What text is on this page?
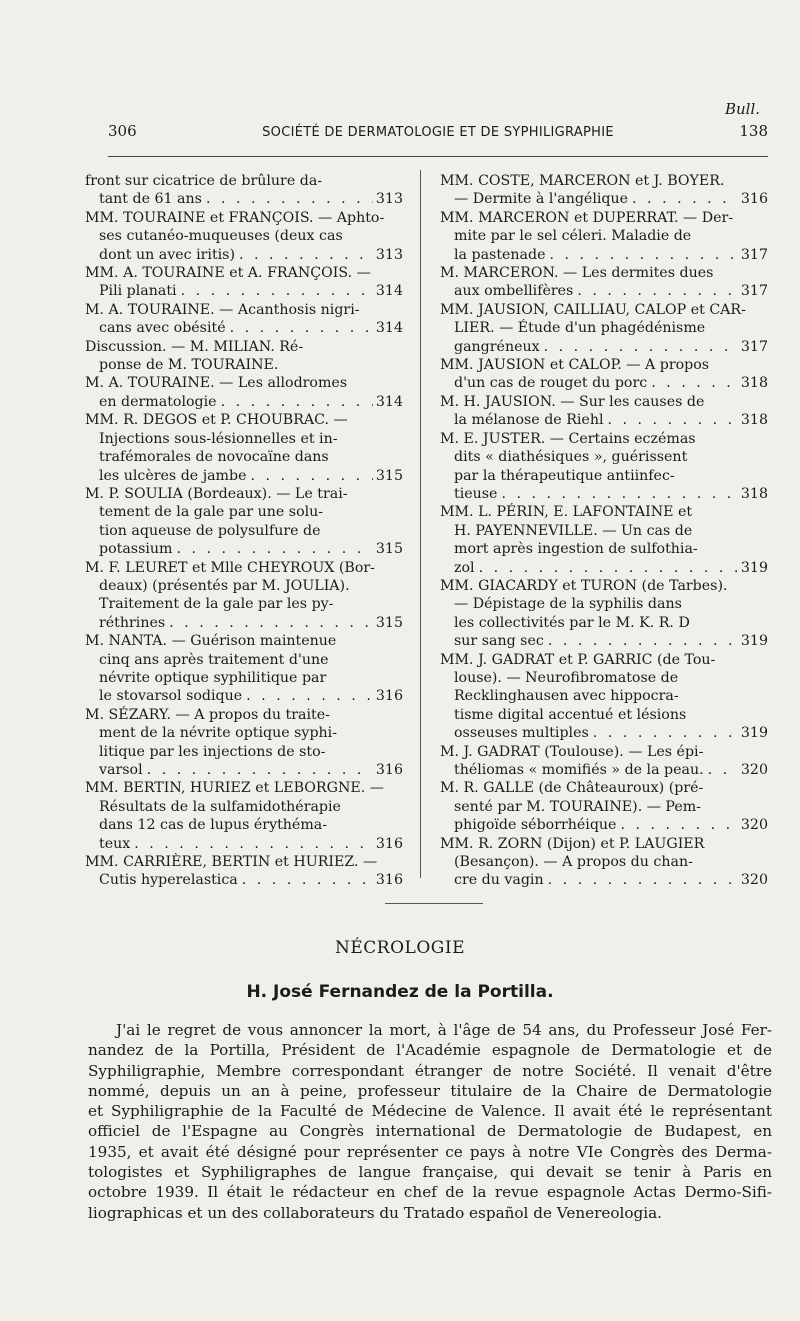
Bull.
306	SOCIÉTÉ DE DERMATOLOGIE ET DE SYPHILIGRAPHIE	138
front sur cicatrice de brûlure da-
tant de 61 ans . . .	313
MM. TOURAINE et FRANÇOIS. — Aphto-
ses cutanéo-muqueuses (deux cas
dont un avec iritis) . . .	313
MM. A. TOURAINE et A. FRANÇOIS. —
Pili planati . . .	314
M. A. TOURAINE. — Acanthosis nigri-
cans avec obésité . . .	314
Discussion. — M. MILIAN. Ré-
ponse de M. TOURAINE.
M. A. TOURAINE. — Les allodromes
en dermatologie . . .	314
MM. R. DEGOS et P. CHOUBRAC. —
Injections sous-lésionnelles et in-
trafémorales de novocaïne dans
les ulcères de jambe . . .	315
M. P. SOULIA (Bordeaux). — Le trai-
tement de la gale par une solu-
tion aqueuse de polysulfure de
potassium . . .	315
M. F. LEURET et Mlle CHEYROUX (Bor-
deaux) (présentés par M. JOULIA).
Traitement de la gale par les py-
réthrines . . .	315
M. NANTA. — Guérison maintenue
cinq ans après traitement d'une
névrite optique syphilitique par
le stovarsol sodique . . .	316
M. SÉZARY. — A propos du traite-
ment de la névrite optique syphi-
litique par les injections de sto-
varsol . . .	316
MM. BERTIN, HURIEZ et LEBORGNE. —
Résultats de la sulfamidothérapie
dans 12 cas de lupus érythéma-
teux . . .	316
MM. CARRIÈRE, BERTIN et HURIEZ. —
Cutis hyperelastica . . .	316
MM. COSTE, MARCERON et J. BOYER.
— Dermite à l'angélique . . .	316
MM. MARCERON et DUPERRAT. — Der-
mite par le sel céleri. Maladie de
la pastenade . . .	317
M. MARCERON. — Les dermites dues
aux ombellifères . . .	317
MM. JAUSION, CAILLIAU, CALOP et CAR-
LIER. — Étude d'un phagédénisme
gangréneux . . .	317
MM. JAUSION et CALOP. — A propos
d'un cas de rouget du porc . . .	318
M. H. JAUSION. — Sur les causes de
la mélanose de Riehl . . .	318
M. E. JUSTER. — Certains eczémas
dits « diathésiques », guérissent
par la thérapeutique antiinfec-
tieuse . . .	318
MM. L. PÉRIN, E. LAFONTAINE et
H. PAYENNEVILLE. — Un cas de
mort après ingestion de sulfothia-
zol . . .	319
MM. GIACARDY et TURON (de Tarbes).
— Dépistage de la syphilis dans
les collectivités par le M. K. R. D
sur sang sec . . .	319
MM. J. GADRAT et P. GARRIC (de Tou-
louse). — Neurofibromatose de
Recklinghausen avec hippocra-
tisme digital accentué et lésions
osseuses multiples . . .	319
M. J. GADRAT (Toulouse). — Les épi-
théliomas « momifiés » de la peau. . . .	320
M. R. GALLE (de Châteauroux) (pré-
senté par M. TOURAINE). — Pem-
phigoïde séborrhéique . . .	320
MM. R. ZORN (Dijon) et P. LAUGIER
(Besançon). — A propos du chan-
cre du vagin . . .	320
NÉCROLOGIE
H. José Fernandez de la Portilla.
J'ai le regret de vous annoncer la mort, à l'âge de 54 ans, du Professeur José Fer-
nandez de la Portilla, Président de l'Académie espagnole de Dermatologie et de
Syphiligraphie, Membre correspondant étranger de notre Société. Il venait d'être
nommé, depuis un an à peine, professeur titulaire de la Chaire de Dermatologie
et Syphiligraphie de la Faculté de Médecine de Valence. Il avait été le représentant
officiel de l'Espagne au Congrès international de Dermatologie de Budapest, en
1935, et avait été désigné pour représenter ce pays à notre VIe Congrès des Derma-
tologistes et Syphiligraphes de langue française, qui devait se tenir à Paris en
octobre 1939. Il était le rédacteur en chef de la revue espagnole Actas Dermo-Sifi-
liographicas et un des collaborateurs du Tratado español de Venereologia.
